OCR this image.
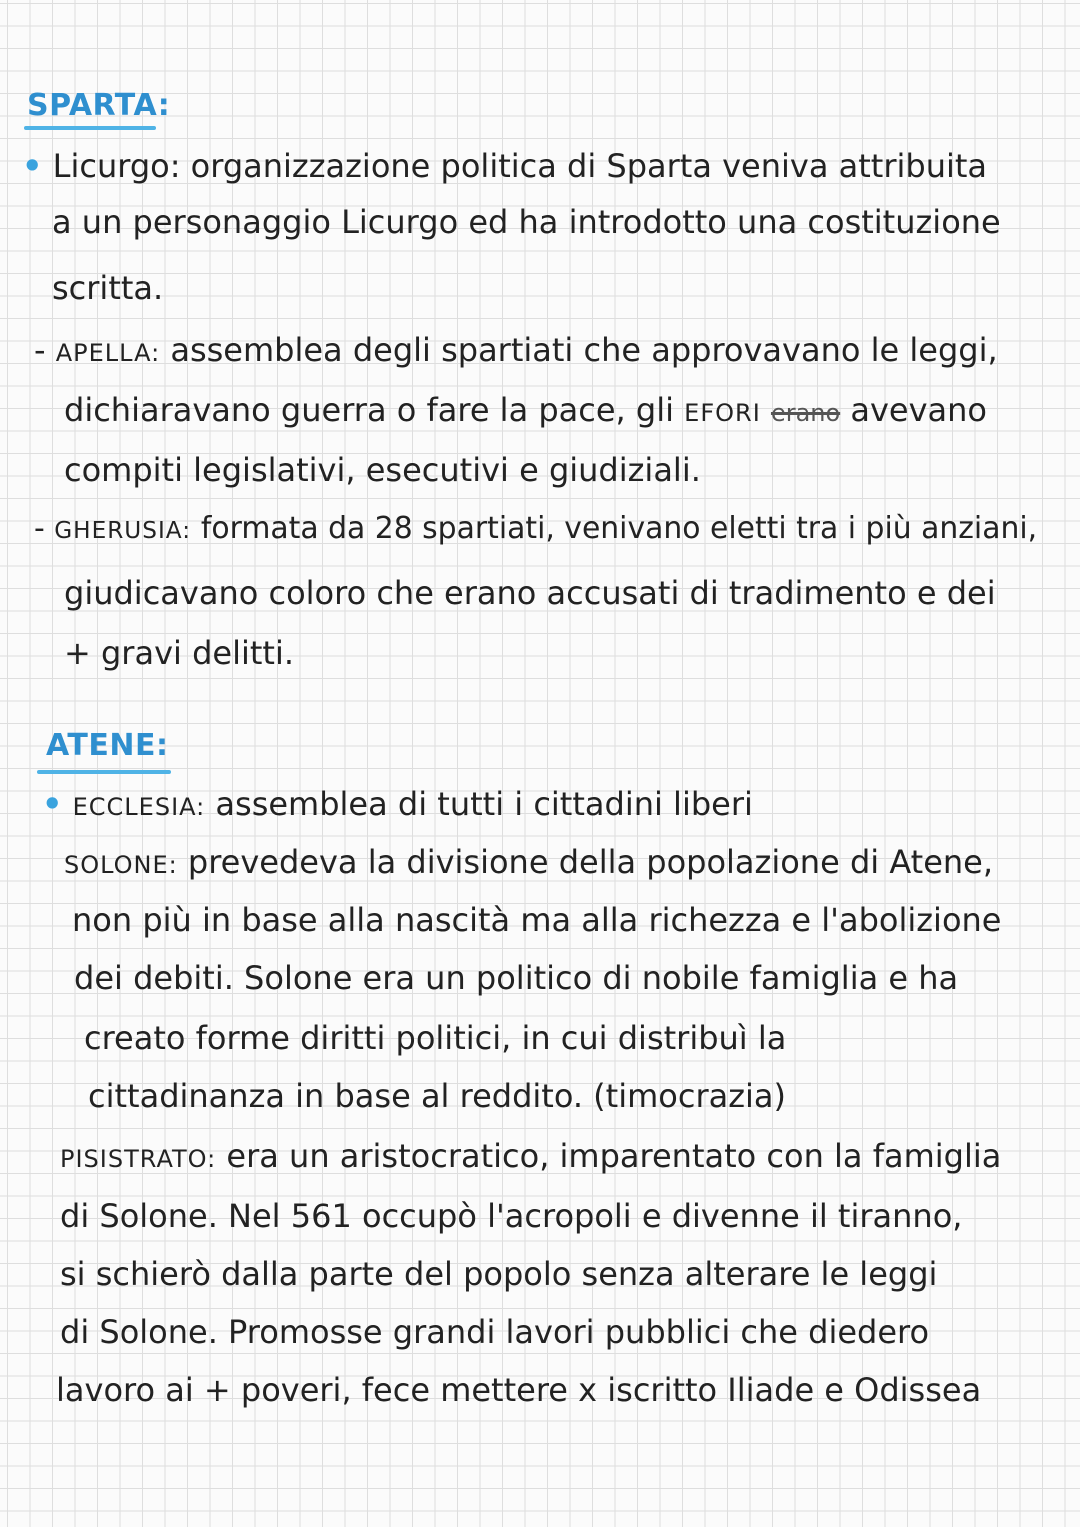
SPARTA:
• Licurgo: organizzazione politica di Sparta veniva attribuita
a un personaggio Licurgo ed ha introdotto una costituzione
scritta.
- APELLA: assemblea degli spartiati che approvavano le leggi,
dichiaravano guerra o fare la pace, gli EFORI erano avevano
compiti legislativi, esecutivi e giudiziali.
- GHERUSIA: formata da 28 spartiati, venivano eletti tra i più anziani,
giudicavano coloro che erano accusati di tradimento e dei
+ gravi delitti.
ATENE:
• ECCLESIA: assemblea di tutti i cittadini liberi
SOLONE: prevedeva la divisione della popolazione di Atene,
non più in base alla nascità ma alla richezza e l'abolizione
dei debiti. Solone era un politico di nobile famiglia e ha
creato forme diritti politici, in cui distribuì la
cittadinanza in base al reddito. (timocrazia)
PISISTRATO: era un aristocratico, imparentato con la famiglia
di Solone. Nel 561 occupò l'acropoli e divenne il tiranno,
si schierò dalla parte del popolo senza alterare le leggi
di Solone. Promosse grandi lavori pubblici che diedero
lavoro ai + poveri, fece mettere x iscritto Iliade e Odissea
